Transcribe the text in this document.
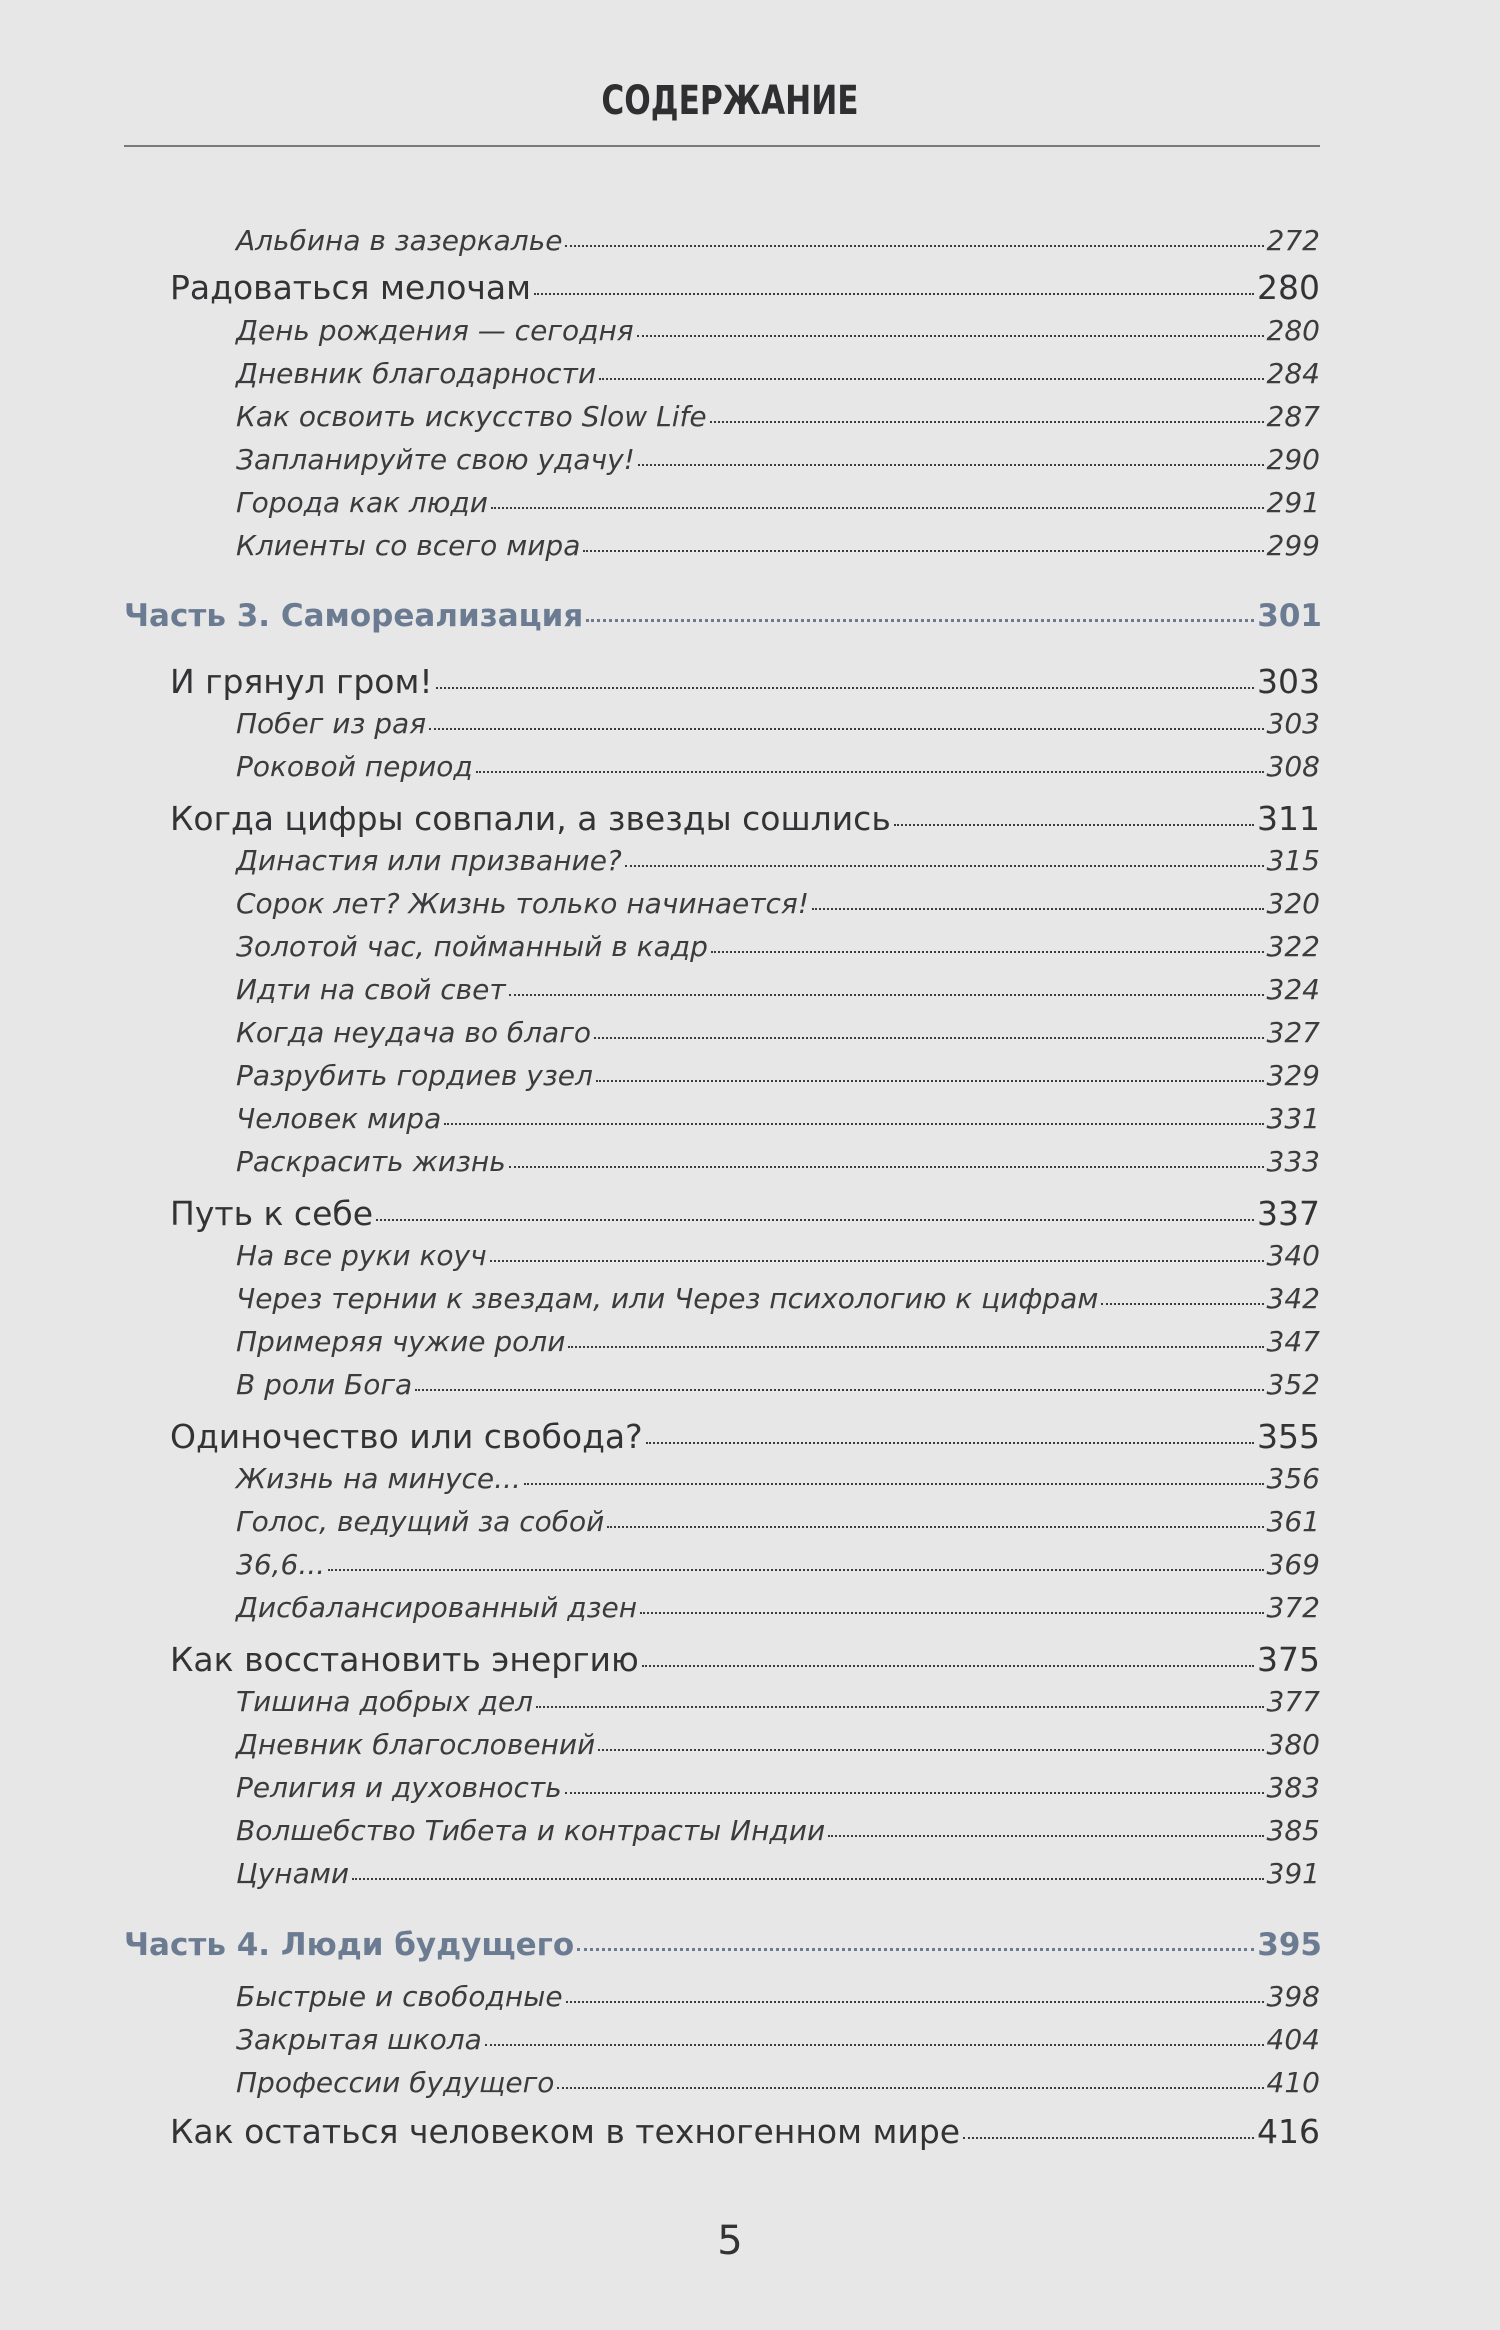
СОДЕРЖАНИЕ
Альбина в зазеркалье	272
Радоваться мелочам	280
День рождения — сегодня	280
Дневник благодарности	284
Как освоить искусство Slow Life	287
Запланируйте свою удачу!	290
Города как люди	291
Клиенты со всего мира	299
Часть 3. Самореализация	301
И грянул гром!	303
Побег из рая	303
Роковой период	308
Когда цифры совпали, а звезды сошлись	311
Династия или призвание?	315
Сорок лет? Жизнь только начинается!	320
Золотой час, пойманный в кадр	322
Идти на свой свет	324
Когда неудача во благо	327
Разрубить гордиев узел	329
Человек мира	331
Раскрасить жизнь	333
Путь к себе	337
На все руки коуч	340
Через тернии к звездам, или Через психологию к цифрам	342
Примеряя чужие роли	347
В роли Бога	352
Одиночество или свобода?	355
Жизнь на минусе...	356
Голос, ведущий за собой	361
36,6...	369
Дисбалансированный дзен	372
Как восстановить энергию	375
Тишина добрых дел	377
Дневник благословений	380
Религия и духовность	383
Волшебство Тибета и контрасты Индии	385
Цунами	391
Часть 4. Люди будущего	395
Быстрые и свободные	398
Закрытая школа	404
Профессии будущего	410
Как остаться человеком в техногенном мире	416
5
